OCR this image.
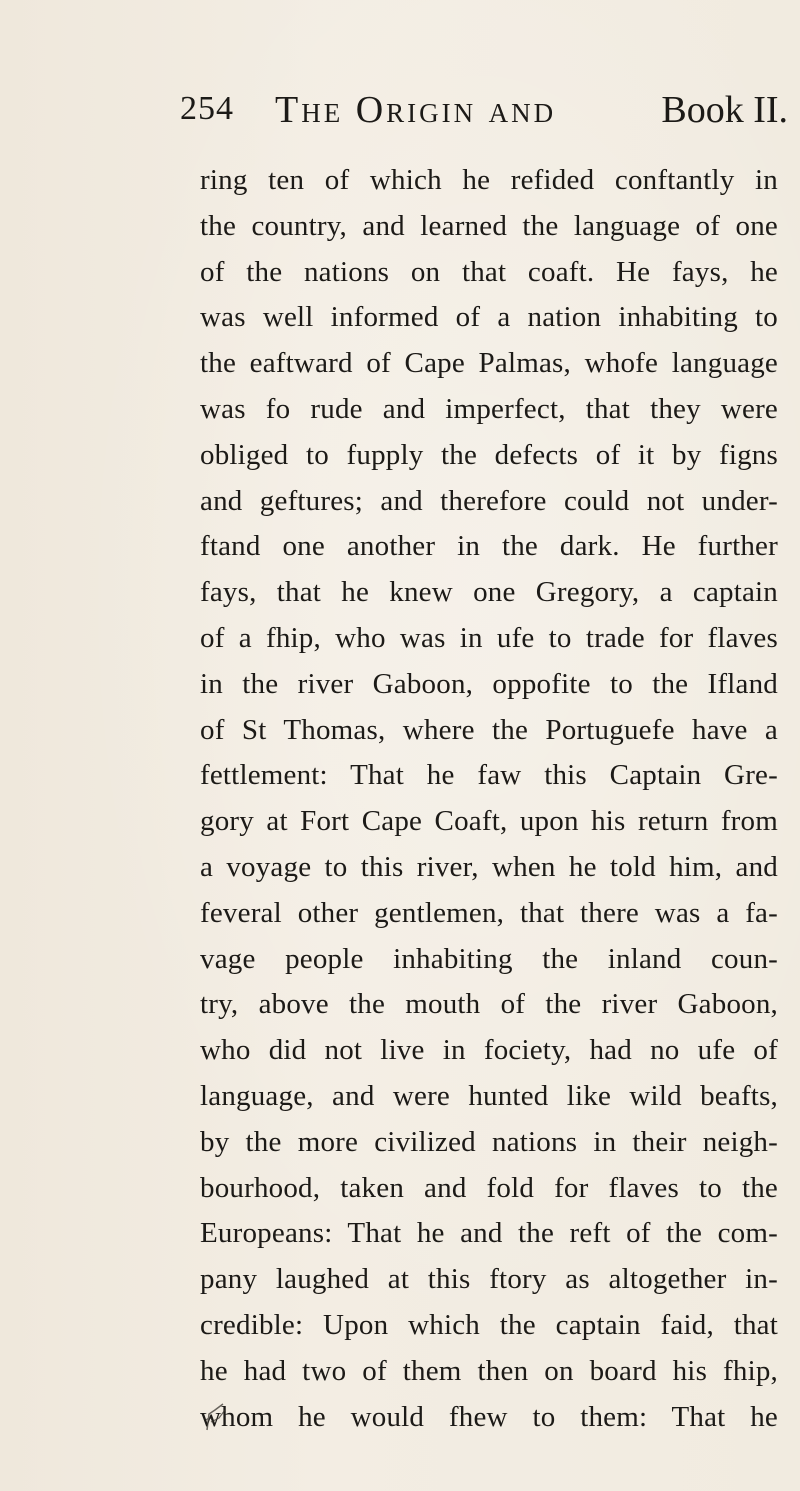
254 The Origin and	Book II.
ring ten of which he refided conftantly in
the country, and learned the language of one
of the nations on that coaft. He fays, he
was well informed of a nation inhabiting to
the eaftward of Cape Palmas, whofe language
was fo rude and imperfect, that they were
obliged to fupply the defects of it by figns
and geftures; and therefore could not under-
ftand one another in the dark. He further
fays, that he knew one Gregory, a captain
of a fhip, who was in ufe to trade for flaves
in the river Gaboon, oppofite to the Ifland
of St Thomas, where the Portuguefe have a
fettlement: That he faw this Captain Gre-
gory at Fort Cape Coaft, upon his return from
a voyage to this river, when he told him, and
feveral other gentlemen, that there was a fa-
vage people inhabiting the inland coun-
try, above the mouth of the river Gaboon,
who did not live in fociety, had no ufe of
language, and were hunted like wild beafts,
by the more civilized nations in their neigh-
bourhood, taken and fold for flaves to the
Europeans: That he and the reft of the com-
pany laughed at this ftory as altogether in-
credible: Upon which the captain faid, that
he had two of them then on board his fhip,
whom he would fhew to them: That he
